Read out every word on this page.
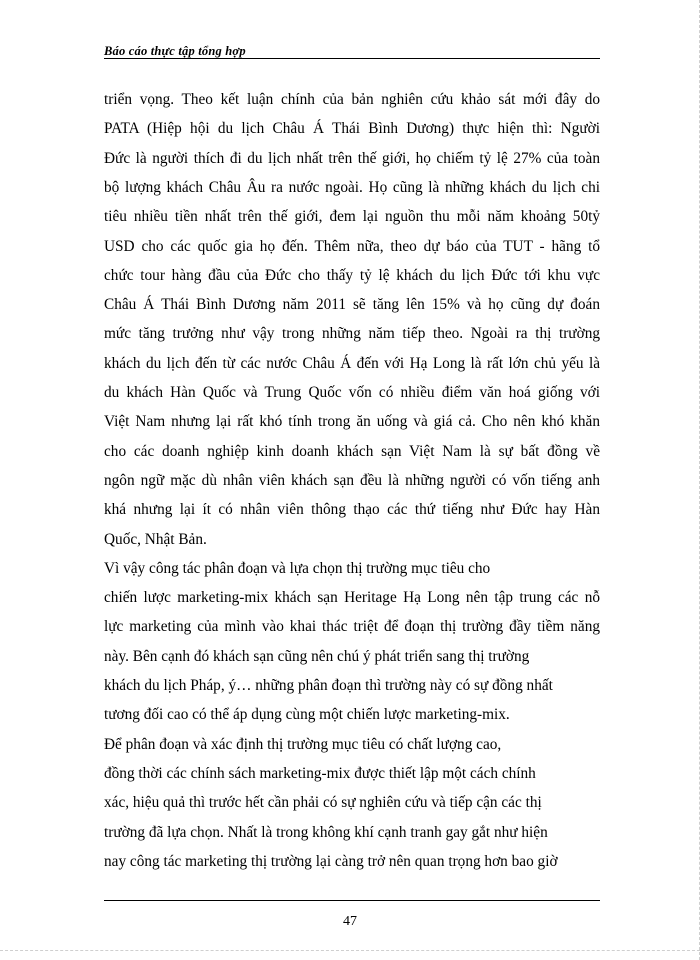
Báo cáo thực tập tổng hợp
triển vọng. Theo kết luận chính của bản nghiên cứu khảo sát mới đây do
PATA (Hiệp hội du lịch Châu Á Thái Bình Dương) thực hiện thì: Người
Đức là người thích đi du lịch nhất trên thế giới, họ chiếm tỷ lệ 27% của toàn
bộ lượng khách Châu Âu ra nước ngoài. Họ cũng là những khách du lịch chi
tiêu nhiều tiền nhất trên thế giới, đem lại nguồn thu mỗi năm khoảng 50tỷ
USD cho các quốc gia họ đến. Thêm nữa, theo dự báo của TUT - hãng tổ
chức tour hàng đầu của Đức cho thấy tỷ lệ khách du lịch Đức tới khu vực
Châu Á Thái Bình Dương năm 2011 sẽ tăng lên 15% và họ cũng dự đoán
mức tăng trưởng như vậy trong những năm tiếp theo. Ngoài ra thị trường
khách du lịch đến từ các nước Châu Á đến với Hạ Long là rất lớn chủ yếu là
du khách Hàn Quốc và Trung Quốc vốn có nhiều điểm văn hoá giống với
Việt Nam nhưng lại rất khó tính trong ăn uống và giá cả. Cho nên khó khăn
cho các doanh nghiệp kinh doanh khách sạn Việt Nam là sự bất đồng về
ngôn ngữ mặc dù nhân viên khách sạn đều là những người có vốn tiếng anh
khá nhưng lại ít có nhân viên thông thạo các thứ tiếng như Đức hay Hàn
Quốc, Nhật Bản.
Vì vậy công tác phân đoạn và lựa chọn thị trường mục tiêu cho
chiến lược marketing-mix khách sạn Heritage Hạ Long nên tập trung các nỗ
lực marketing của mình vào khai thác triệt để đoạn thị trường đầy tiềm năng
này. Bên cạnh đó khách sạn cũng nên chú ý phát triển sang thị trường
khách du lịch Pháp, ý… những phân đoạn thì trường này có sự đồng nhất
tương đối cao có thể áp dụng cùng một chiến lược marketing-mix.
Để phân đoạn và xác định thị trường mục tiêu có chất lượng cao,
đồng thời các chính sách marketing-mix được thiết lập một cách chính
xác, hiệu quả thì trước hết cần phải có sự nghiên cứu và tiếp cận các thị
trường đã lựa chọn. Nhất là trong không khí cạnh tranh gay gắt như hiện
nay công tác marketing thị trường lại càng trở nên quan trọng hơn bao giờ
47
